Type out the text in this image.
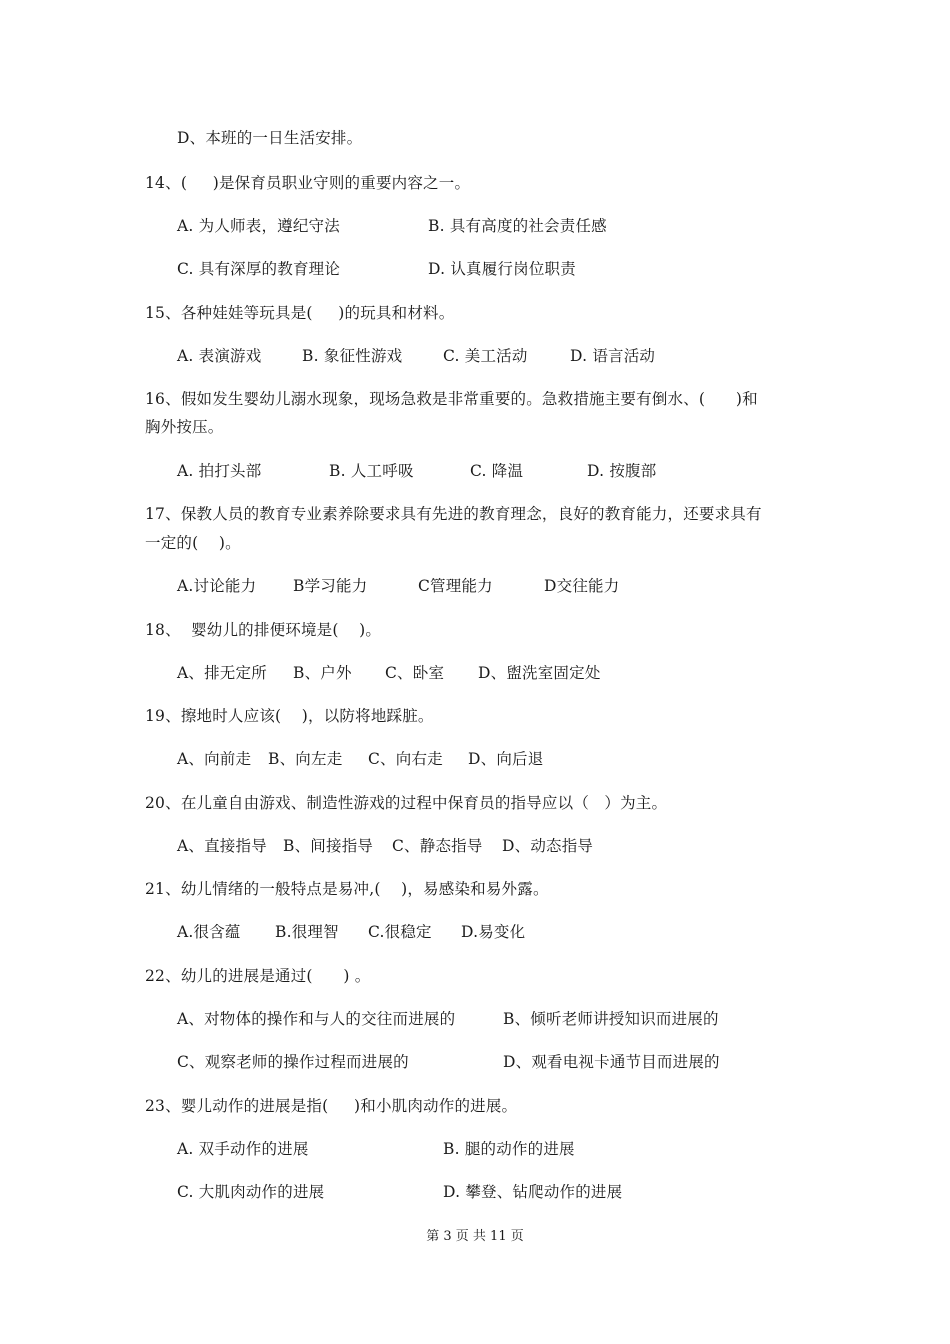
第 3 页 共 11 页
D、本班的一日生活安排。
14、(     )是保育员职业守则的重要内容之一。
A. 为人师表，遵纪守法	B. 具有高度的社会责任感
C. 具有深厚的教育理论	D. 认真履行岗位职责
15、各种娃娃等玩具是(     )的玩具和材料。
A. 表演游戏	B. 象征性游戏	C. 美工活动	D. 语言活动
16、假如发生婴幼儿溺水现象，现场急救是非常重要的。急救措施主要有倒水、(      )和
胸外按压。
A. 拍打头部	B. 人工呼吸	C. 降温	D. 按腹部
17、保教人员的教育专业素养除要求具有先进的教育理念，良好的教育能力，还要求具有
一定的(    )。
A.讨论能力 B学习能力	C管理能力	D交往能力
18、  婴幼儿的排便环境是(    )。
A、排无定所 B、户外 C、卧室 D、盥洗室固定处
19、擦地时人应该(    )，以防将地踩脏。
A、向前走 B、向左走 C、向右走 D、向后退
20、在儿童自由游戏、制造性游戏的过程中保育员的指导应以（   ）为主。
A、直接指导 B、间接指导 C、静态指导 D、动态指导
21、幼儿情绪的一般特点是易冲,(    )，易感染和易外露。
A.很含蕴 B.很理智 C.很稳定 D.易变化
22、幼儿的进展是通过(      ) 。
A、对物体的操作和与人的交往而进展的	B、倾听老师讲授知识而进展的
C、观察老师的操作过程而进展的	D、观看电视卡通节目而进展的
23、婴儿动作的进展是指(     )和小肌肉动作的进展。
A. 双手动作的进展	B. 腿的动作的进展
C. 大肌肉动作的进展	D. 攀登、钻爬动作的进展
